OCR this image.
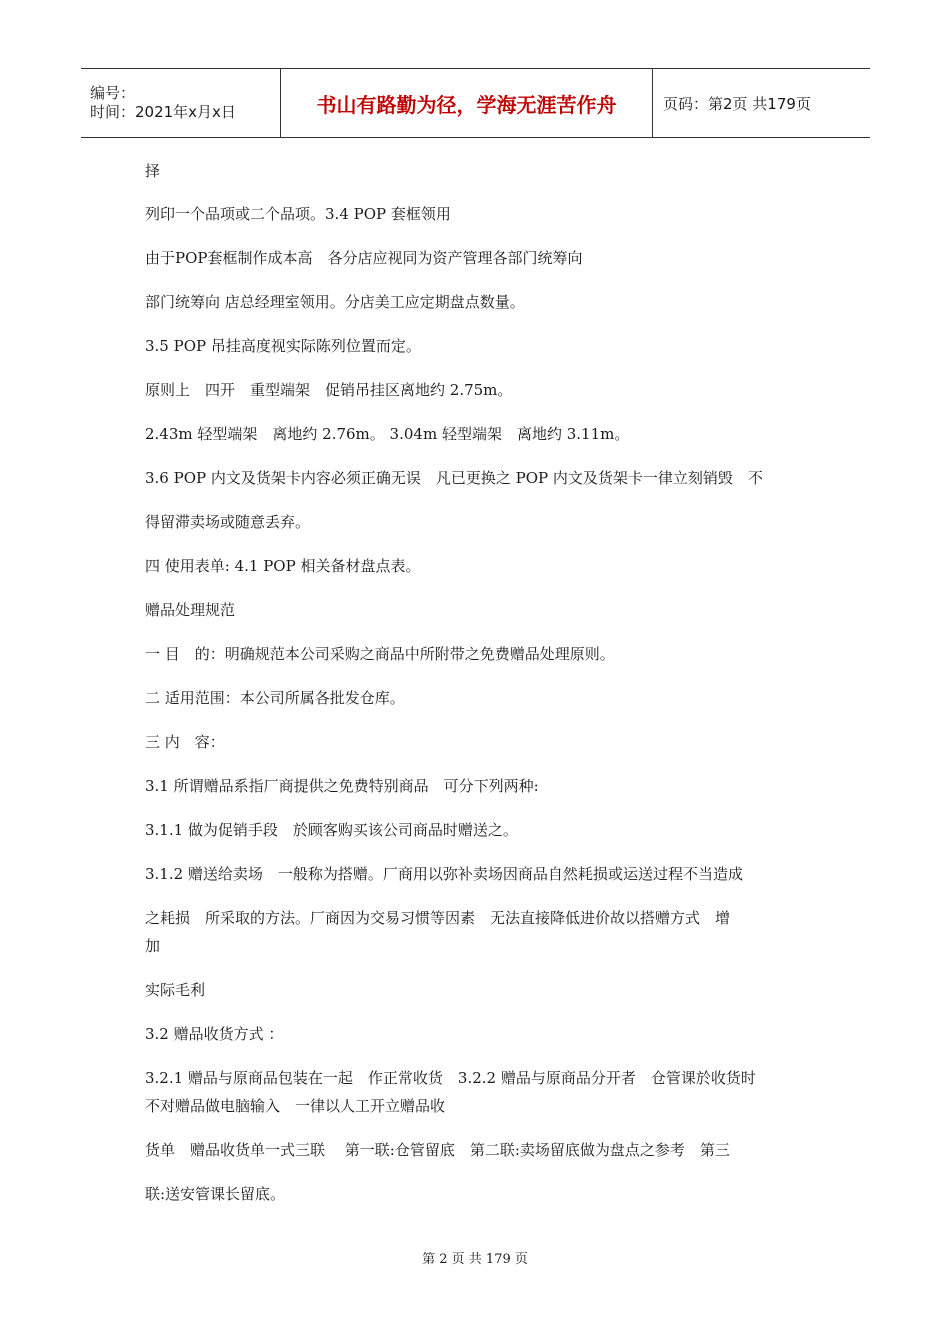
编号：
时间：2021年x月x日	书山有路勤为径，学海无涯苦作舟	页码：第2页 共179页
择
列印一个品项或二个品项。3.4 POP 套框领用
由于POP套框制作成本高　各分店应视同为资产管理各部门统筹向
部门统筹向 店总经理室领用。分店美工应定期盘点数量。
3.5 POP 吊挂高度视实际陈列位置而定。
原则上　四开　重型端架　促销吊挂区离地约 2.75m。
2.43m 轻型端架　离地约 2.76m。 3.04m 轻型端架　离地约 3.11m。
3.6 POP 内文及货架卡内容必须正确无误　凡已更换之 POP 内文及货架卡一律立刻销毁　不
得留滞卖场或随意丢弃。
四 使用表单: 4.1 POP 相关备材盘点表。
赠品处理规范
一 目　的：明确规范本公司采购之商品中所附带之免费赠品处理原则。
二 适用范围：本公司所属各批发仓库。
三 内　容：
3.1 所谓赠品系指厂商提供之免费特别商品　可分下列两种:
3.1.1 做为促销手段　於顾客购买该公司商品时赠送之。
3.1.2 赠送给卖场　一般称为搭赠。厂商用以弥补卖场因商品自然耗损或运送过程不当造成
之耗损　所采取的方法。厂商因为交易习惯等因素　无法直接降低进价故以搭赠方式　增
加
实际毛利
3.2 赠品收货方式 ：
3.2.1 赠品与原商品包装在一起　作正常收货　3.2.2 赠品与原商品分开者　仓管课於收货时
不对赠品做电脑输入　一律以人工开立赠品收
货单　赠品收货单一式三联　 第一联:仓管留底　第二联:卖场留底做为盘点之参考　第三
联:送安管课长留底。
第 2 页 共 179 页
